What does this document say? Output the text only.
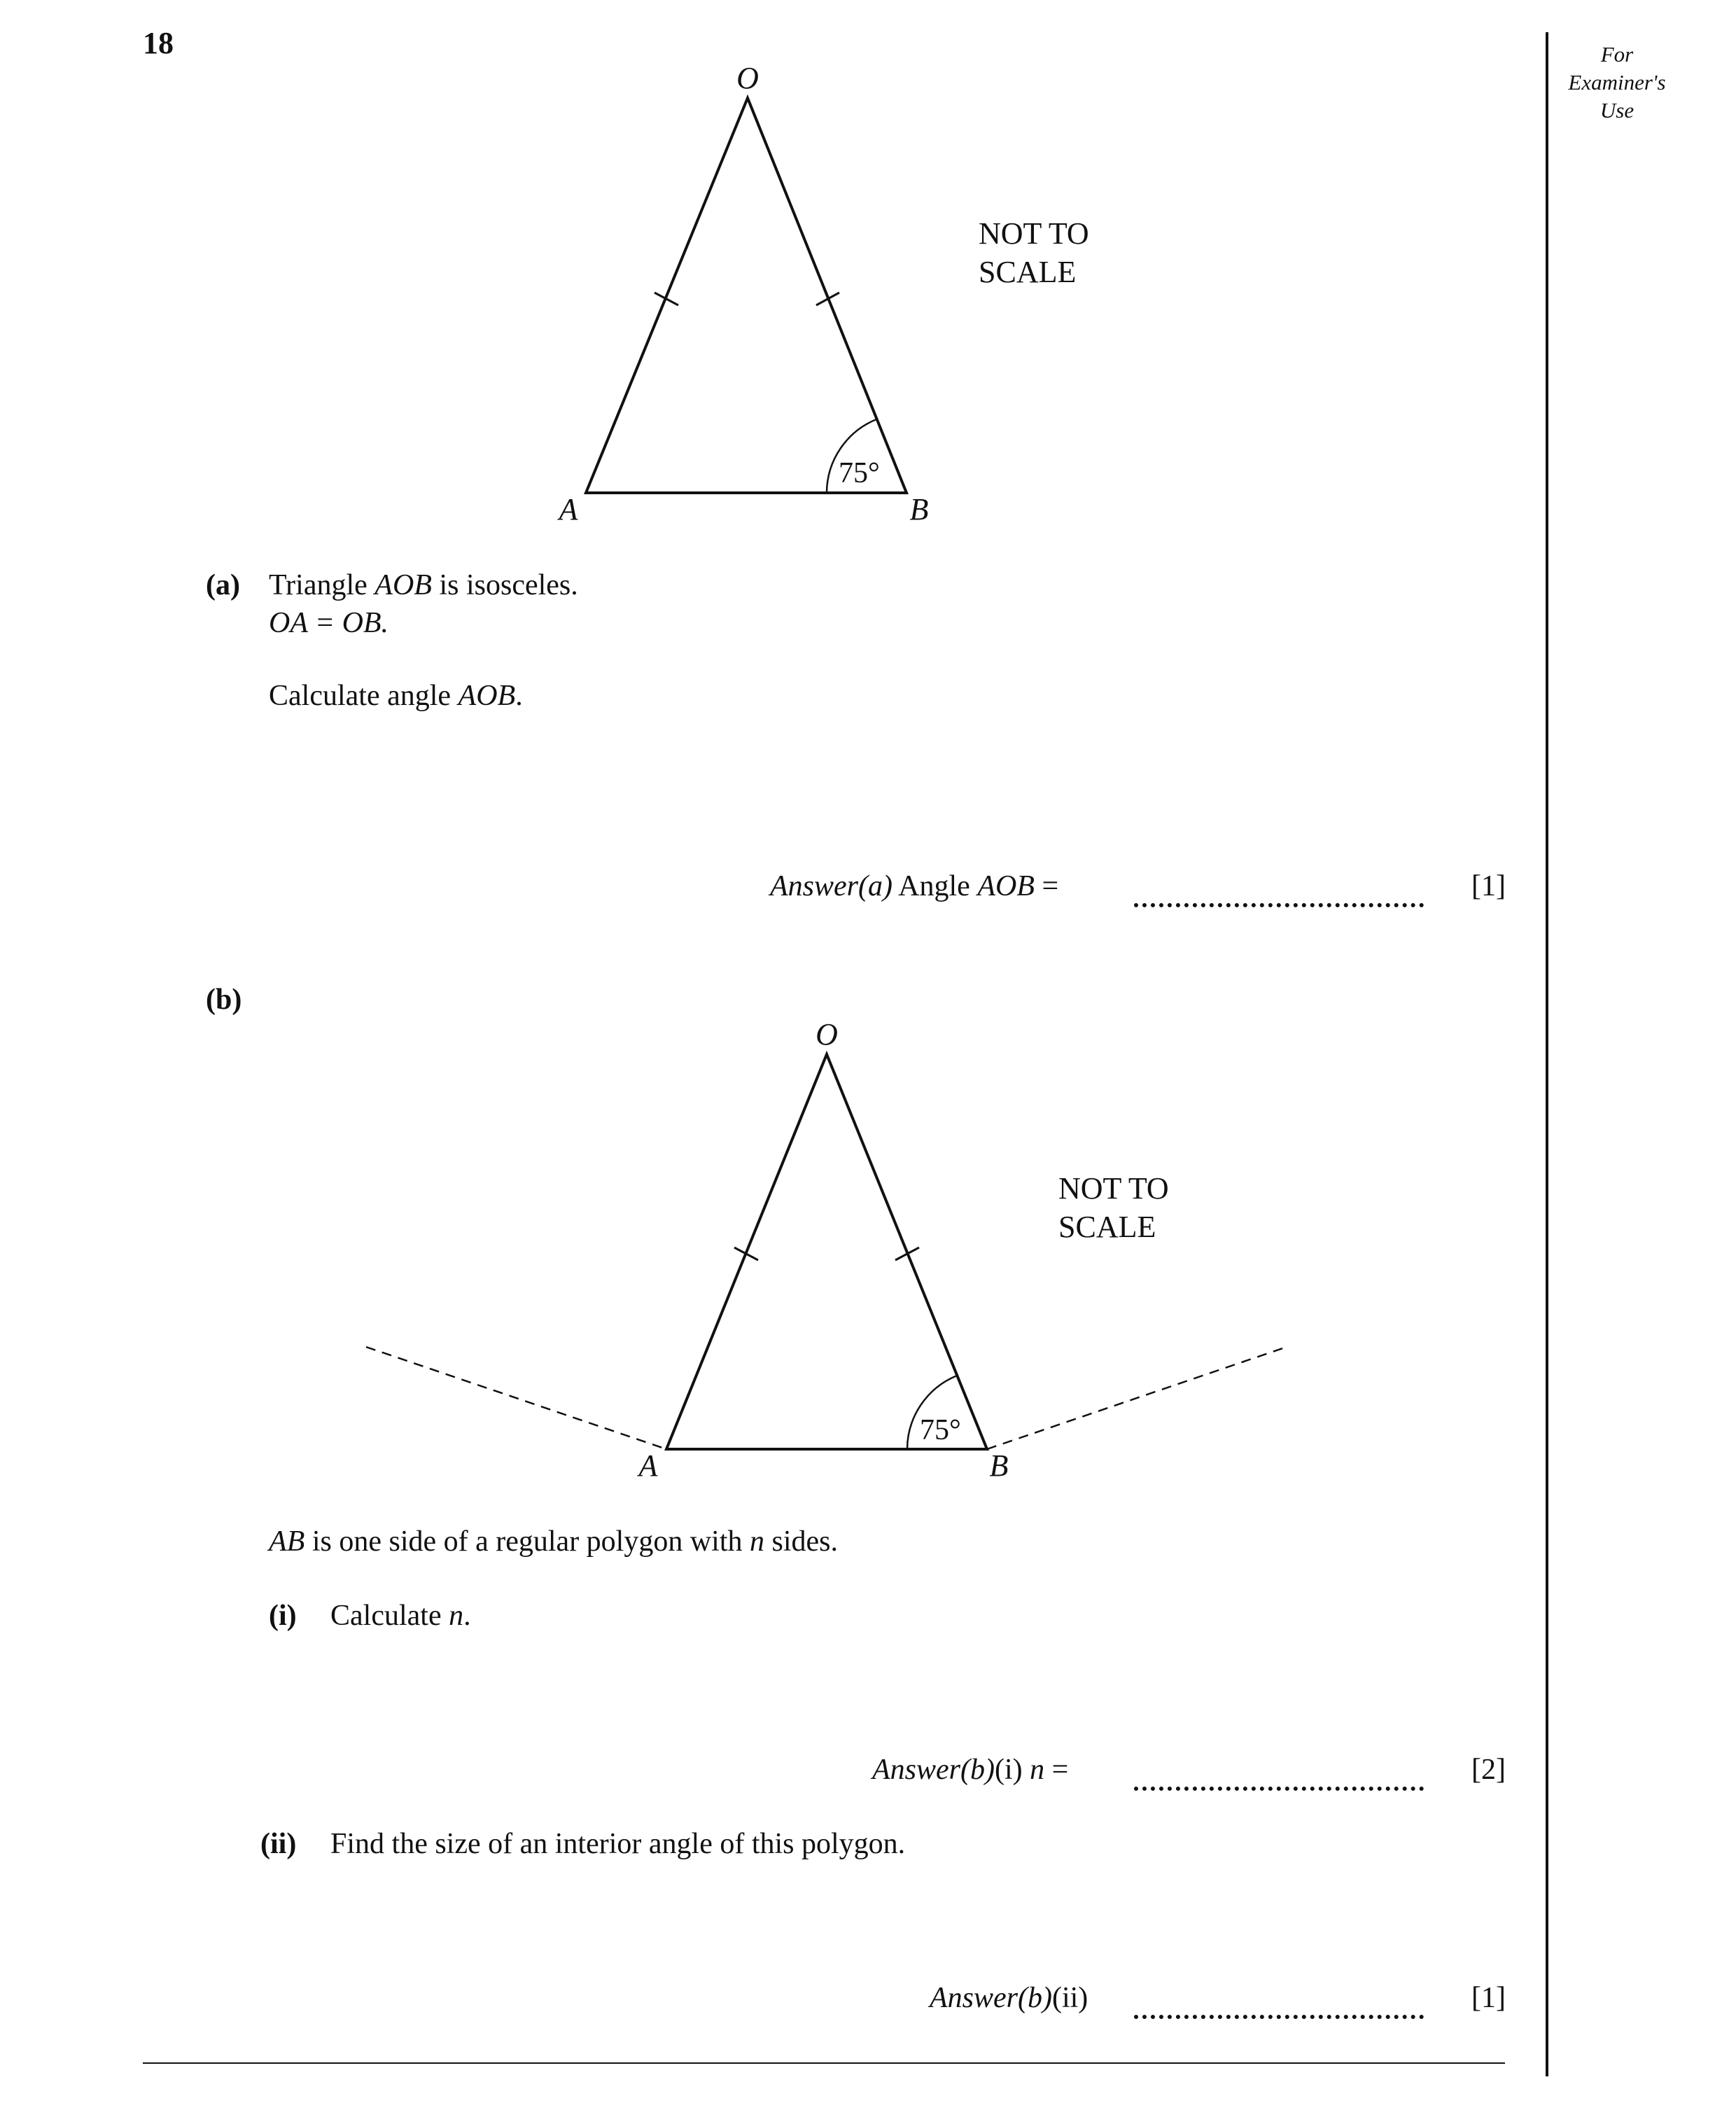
18	For Examiner's Use
O
A	B
75°
NOT TO
SCALE
O
A	B
75°
NOT TO
SCALE
(a) Triangle AOB is isosceles.
OA = OB.
Calculate angle AOB.
Answer(a) Angle AOB =	[1]
(b)
AB is one side of a regular polygon with n sides.
(i) Calculate n.
Answer(b)(i) n =	[2]
(ii) Find the size of an interior angle of this polygon.
Answer(b)(ii)	[1]
